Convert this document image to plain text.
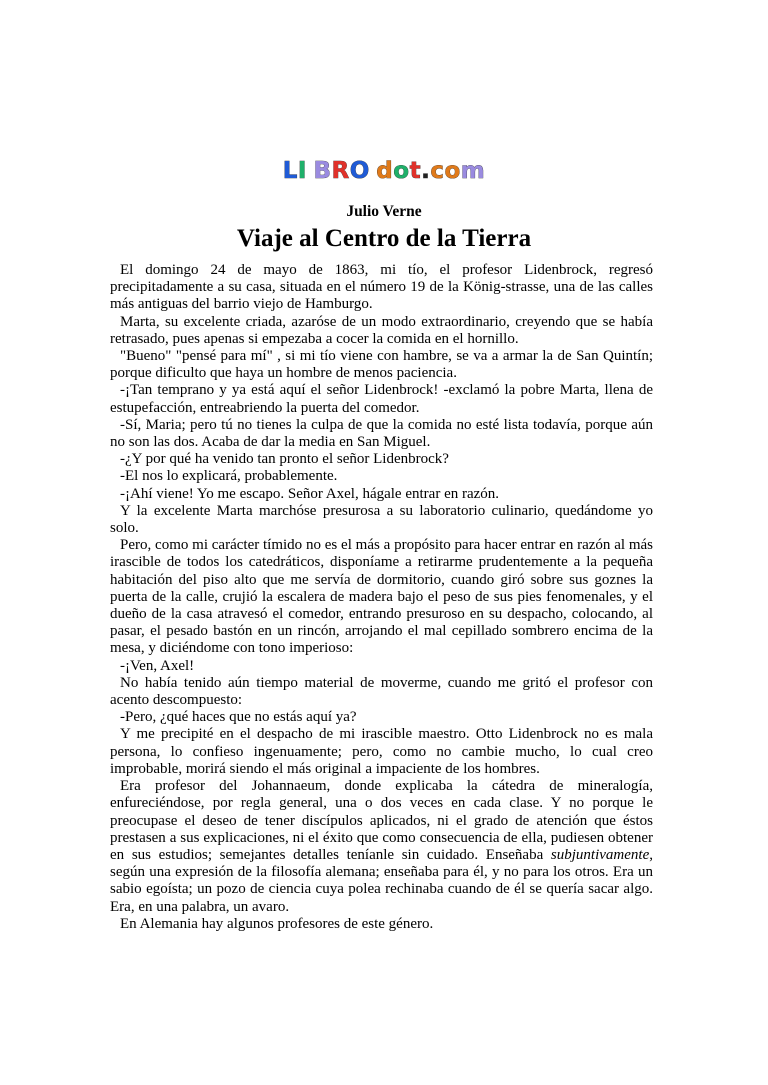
LI BRO dot.com
Julio Verne
Viaje al Centro de la Tierra

El domingo 24 de mayo de 1863, mi tío, el profesor Lidenbrock, regresó precipitadamente a su casa, situada en el número 19 de la König-strasse, una de las calles más antiguas del barrio viejo de Hamburgo.

Marta, su excelente criada, azaróse de un modo extraordinario, creyendo que se había retrasado, pues apenas si empezaba a cocer la comida en el hornillo.

"Bueno" "pensé para mí" , si mi tío viene con hambre, se va a armar la de San Quintín; porque dificulto que haya un hombre de menos paciencia.

-¡Tan temprano y ya está aquí el señor Lidenbrock! -exclamó la pobre Marta, llena de estupefacción, entreabriendo la puerta del comedor.

-Sí, Maria; pero tú no tienes la culpa de que la comida no esté lista todavía, porque aún no son las dos. Acaba de dar la media en San Miguel.

-¿Y por qué ha venido tan pronto el señor Lidenbrock?

-El nos lo explicará, probablemente.

-¡Ahí viene! Yo me escapo. Señor Axel, hágale entrar en razón.

Y la excelente Marta marchóse presurosa a su laboratorio culinario, quedándome yo solo.

Pero, como mi carácter tímido no es el más a propósito para hacer entrar en razón al más irascible de todos los catedráticos, disponíame a retirarme prudentemente a la pequeña habitación del piso alto que me servía de dormitorio, cuando giró sobre sus goznes la puerta de la calle, crujió la escalera de madera bajo el peso de sus pies fenomenales, y el dueño de la casa atravesó el comedor, entrando presuroso en su despacho, colocando, al pasar, el pesado bastón en un rincón, arrojando el mal cepillado sombrero encima de la mesa, y diciéndome con tono imperioso:

-¡Ven, Axel!

No había tenido aún tiempo material de moverme, cuando me gritó el profesor con acento descompuesto:

-Pero, ¿qué haces que no estás aquí ya?

Y me precipité en el despacho de mi irascible maestro. Otto Lidenbrock no es mala persona, lo confieso ingenuamente; pero, como no cambie mucho, lo cual creo improbable, morirá siendo el más original a impaciente de los hombres.

Era profesor del Johannaeum, donde explicaba la cátedra de mineralogía, enfureciéndose, por regla general, una o dos veces en cada clase. Y no porque le preocupase el deseo de tener discípulos aplicados, ni el grado de atención que éstos prestasen a sus explicaciones, ni el éxito que como consecuencia de ella, pudiesen obtener en sus estudios; semejantes detalles teníanle sin cuidado. Enseñaba subjuntivamente, según una expresión de la filosofía alemana; enseñaba para él, y no para los otros. Era un sabio egoísta; un pozo de ciencia cuya polea rechinaba cuando de él se quería sacar algo. Era, en una palabra, un avaro.

En Alemania hay algunos profesores de este género.
